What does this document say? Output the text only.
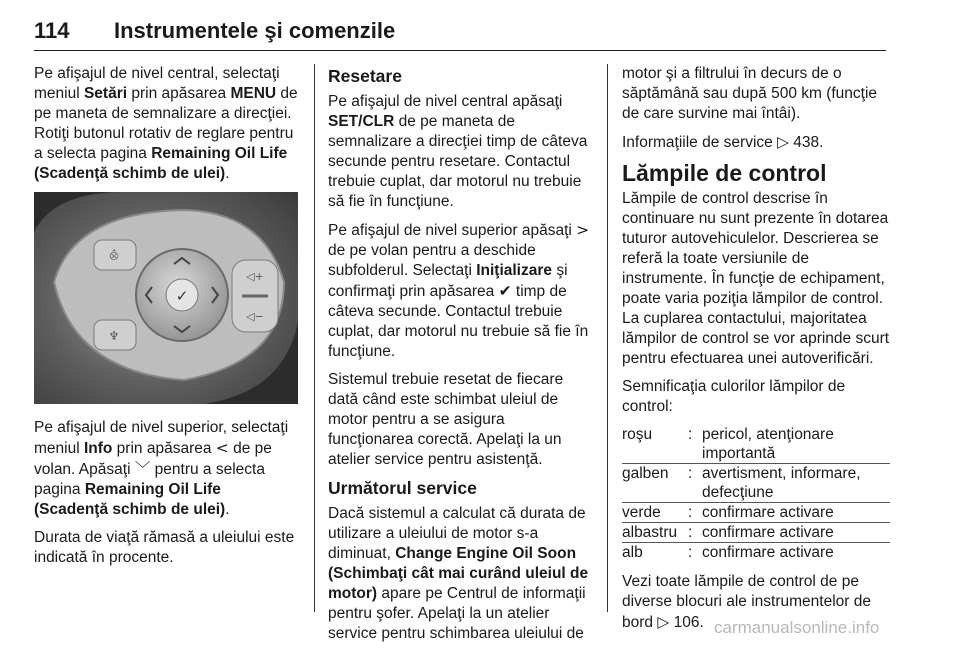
114 Instrumentele şi comenzile

Pe afişajul de nivel central, selectaţi meniul Setări prin apăsarea MENU de pe maneta de semnalizare a direcţiei. Rotiţi butonul rotativ de reglare pentru a selecta pagina Remaining Oil Life (Scadenţă schimb de ulei).

⨶
♆
✓
◁+
◁−

Pe afişajul de nivel superior, selectaţi meniul Info prin apăsarea < de pe volan. Apăsaţi ﹀ pentru a selecta pagina Remaining Oil Life (Scadenţă schimb de ulei).

Durata de viaţă rămasă a uleiului este indicată în procente.

Resetare

Pe afişajul de nivel central apăsaţi SET/CLR de pe maneta de semnalizare a direcţiei timp de câteva secunde pentru resetare. Contactul trebuie cuplat, dar motorul nu trebuie să fie în funcţiune.

Pe afişajul de nivel superior apăsaţi > de pe volan pentru a deschide subfolderul. Selectaţi Iniţializare şi confirmaţi prin apăsarea ✔ timp de câteva secunde. Contactul trebuie cuplat, dar motorul nu trebuie să fie în funcţiune.

Sistemul trebuie resetat de fiecare dată când este schimbat uleiul de motor pentru a se asigura funcţionarea corectă. Apelaţi la un atelier service pentru asistenţă.

Următorul service

Dacă sistemul a calculat că durata de utilizare a uleiului de motor s-a diminuat, Change Engine Oil Soon (Schimbaţi cât mai curând uleiul de motor) apare pe Centrul de informaţii pentru şofer. Apelaţi la un atelier service pentru schimbarea uleiului de

motor şi a filtrului în decurs de o săptămână sau după 500 km (funcţie de care survine mai întâi).

Informaţiile de service ▷ 438.

Lămpile de control

Lămpile de control descrise în continuare nu sunt prezente în dotarea tuturor autovehiculelor. Descrierea se referă la toate versiunile de instrumente. În funcţie de echipament, poate varia poziţia lămpilor de control. La cuplarea contactului, majoritatea lămpilor de control se vor aprinde scurt pentru efectuarea unei autoverificări.

Semnificaţia culorilor lămpilor de control:

roşu	:	pericol, atenţionare importantă
galben	:	avertisment, informare, defecţiune
verde	:	confirmare activare
albastru	:	confirmare activare
alb	:	confirmare activare

Vezi toate lămpile de control de pe diverse blocuri ale instrumentelor de bord ▷ 106. carmanualsonline.info
